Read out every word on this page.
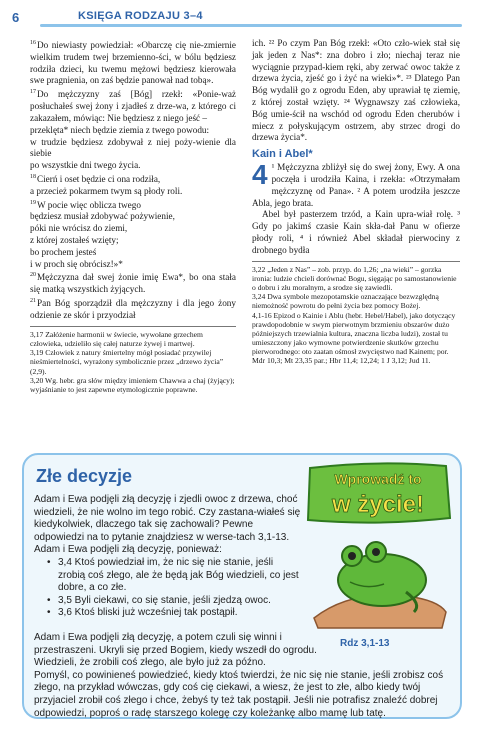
6	KSIĘGA RODZAJU 3–4

$^{16}$Do niewiasty powiedział: «Obarczę cię nie-zmiernie wielkim trudem twej brzemienno-ści, w bólu będziesz rodziła dzieci, ku twemu mężowi będziesz kierowała swe pragnienia, on zaś będzie panował nad tobą».

$^{17}$Do mężczyzny zaś [Bóg] rzekł: «Ponie-waż posłuchałeś swej żony i zjadłeś z drze-wa, z którego ci zakazałem, mówiąc: Nie będziesz z niego jeść –

przeklęta* niech będzie ziemia z twego powodu:

w trudzie będziesz zdobywał z niej poży-wienie dla siebie

po wszystkie dni twego życia.

$^{18}$Cierń i oset będzie ci ona rodziła,

a przecież pokarmem twym są płody roli.

$^{19}$W pocie więc oblicza twego

będziesz musiał zdobywać pożywienie,

póki nie wrócisz do ziemi,

z której zostałeś wzięty;

bo prochem jesteś

i w proch się obrócisz!»*

$^{20}$Mężczyzna dał swej żonie imię Ewa*, bo ona stała się matką wszystkich żyjących.

$^{21}$Pan Bóg sporządził dla mężczyzny i dla jego żony odzienie ze skór i przyodział

3,17 Załóżenie harmonii w świecie, wywołane grzechem człowieka, udzieliło się całej naturze żywej i martwej.

3,19 Człowiek z natury śmiertelny mógł posiadać przywilej nieśmiertelności, wyrażony symbolicznie przez „drzewo życia” (2,9).

3,20 Wg. hebr. gra słów między imieniem Chawwa a chaj (żyjący); wyjaśnianie to jest zapewne etymologicznie poprawne.

ich. ²² Po czym Pan Bóg rzekł: «Oto czło-wiek stał się jak jeden z Nas*: zna dobro i zło; niechaj teraz nie wyciągnie przypad-kiem ręki, aby zerwać owoc także z drzewa życia, zjeść go i żyć na wieki»*. ²³ Dlatego Pan Bóg wydalił go z ogrodu Eden, aby uprawiał tę ziemię, z której został wzięty. ²⁴ Wygnawszy zaś człowieka, Bóg umie-ścił na wschód od ogrodu Eden cherubów i miecz z połyskującym ostrzem, aby strzec drogi do drzewa życia*.

Kain i Abel*

4 ¹ Mężczyzna zbliżył się do swej żony, Ewy. A ona poczęła i urodziła Kaina, i rzekła: «Otrzymałam mężczyznę od Pana». ² A potem urodziła jeszcze Abla, jego brata.

Abel był pasterzem trzód, a Kain upra-wiał rolę. ³ Gdy po jakimś czasie Kain skła-dał Panu w ofierze płody roli, ⁴ i również Abel składał pierwociny z drobnego bydła

3,22 „Jeden z Nas” – zob. przyp. do 1,26; „na wieki” – gorzka ironia: ludzie chcieli dorównać Bogu, sięgając po samostanowienie o dobru i złu moralnym, a srodze się zawiedli.

3,24 Dwa symbole mezopotamskie oznaczające bezwzględną niemożność powrotu do pełni życia bez pomocy Bożej.

4,1-16 Epizod o Kainie i Ablu (hebr. Hebel/Habel), jako dotyczący prawdopodobnie w swym pierwotnym brzmieniu obszarów dużo późniejszych trzewialnia kultura, znaczna liczba ludzi), został tu umieszczony jako wymowne potwierdzenie skutków grzechu pierworodnego: oto zaatan ośmosł zwycięstwo nad Kainem; por. Mdr 10,3; Mt 23,35 par.; Hbr 11,4; 12,24; 1 J 3,12; Jud 11.

Złe decyzje	Wprowadź to
w życie!

Adam i Ewa podjęli złą decyzję i zjedli owoc z drzewa, choć wiedzieli, że nie wolno im tego robić. Czy zastana-wiałeś się kiedykolwiek, dlaczego tak się zachowali? Pewne odpowiedzi na to pytanie znajdziesz w werse-tach 3,1-13. Adam i Ewa podjęli złą decyzję, ponieważ:

• 3,4 Ktoś powiedział im, że nic się nie stanie, jeśli zrobią coś złego, ale że będą jak Bóg wiedzieli, co jest dobre, a co złe.
• 3,5 Byli ciekawi, co się stanie, jeśli zjedzą owoc.
• 3,6 Ktoś bliski już wcześniej tak postąpił.
Rdz 3,1-13

Adam i Ewa podjęli złą decyzję, a potem czuli się winni i przestraszeni. Ukryli się przed Bogiem, kiedy wszedł do ogrodu. Wiedzieli, że zrobili coś złego, ale było już za późno.

Pomyśl, co powinieneś powiedzieć, kiedy ktoś twierdzi, że nic się nie stanie, jeśli zrobisz coś złego, na przykład wówczas, gdy coś cię ciekawi, a wiesz, że jest to złe, albo kiedy twój przyjaciel zrobił coś złego i chce, żebyś ty też tak postąpił. Jeśli nie potrafisz znaleźć dobrej odpowiedzi, poproś o radę starszego kolegę czy koleżankę albo mamę lub tatę.
